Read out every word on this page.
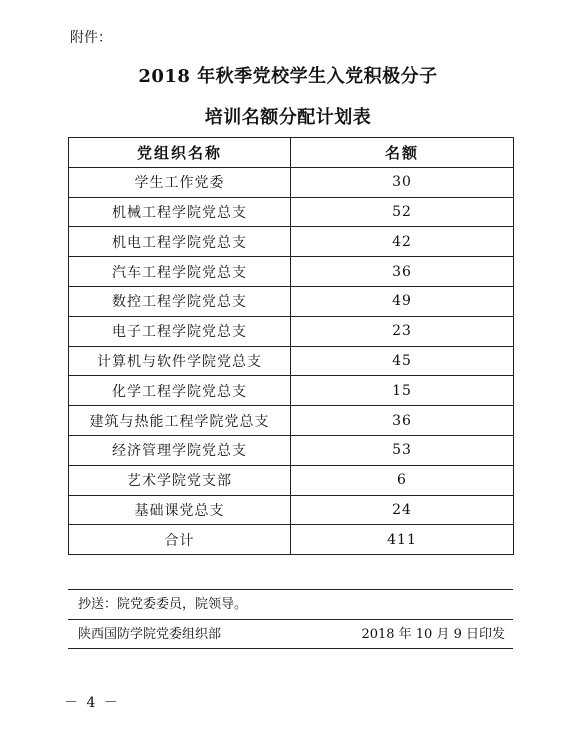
附件：
2018 年秋季党校学生入党积极分子
培训名额分配计划表
党组织名称	名额
学生工作党委	30
机械工程学院党总支	52
机电工程学院党总支	42
汽车工程学院党总支	36
数控工程学院党总支	49
电子工程学院党总支	23
计算机与软件学院党总支	45
化学工程学院党总支	15
建筑与热能工程学院党总支	36
经济管理学院党总支	53
艺术学院党支部	6
基础课党总支	24
合计	411
抄送：院党委委员，院领导。
陕西国防学院党委组织部	2018 年 10 月 9 日印发
－ 4 －
